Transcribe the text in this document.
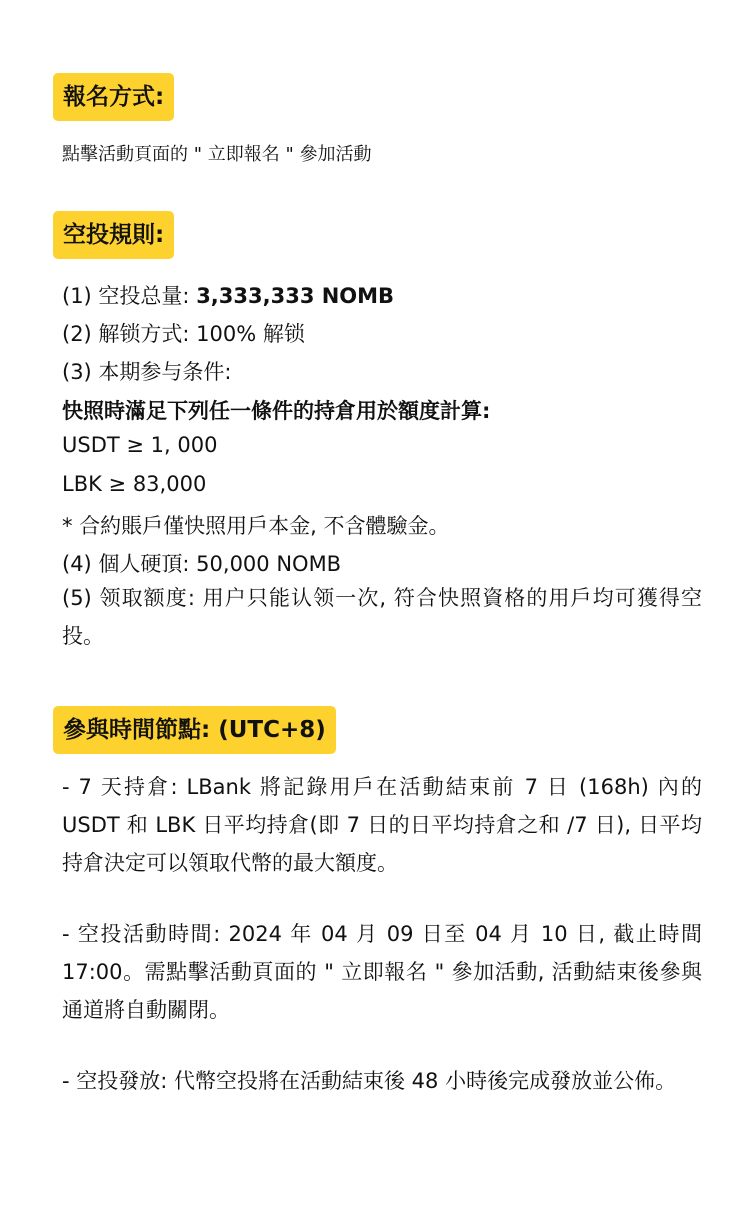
報名方式:
點擊活動頁面的 " 立即報名 " 參加活動
空投規則:
(1) 空投总量: 3,333,333 NOMB
(2) 解锁方式: 100% 解锁
(3) 本期参与条件:
快照時滿足下列任一條件的持倉用於額度計算:
USDT ≥ 1, 000
LBK ≥ 83,000
* 合約賬戶僅快照用戶本金, 不含體驗金。
(4) 個人硬頂: 50,000 NOMB
(5) 领取额度: 用户只能认领一次, 符合快照資格的用戶均可獲得空投。
參與時間節點: (UTC+8)
- 7 天持倉: LBank 將記錄用戶在活動結束前 7 日 (168h) 內的 USDT 和 LBK 日平均持倉(即 7 日的日平均持倉之和 /7 日), 日平均持倉決定可以領取代幣的最大額度。
- 空投活動時間: 2024 年 04 月 09 日至 04 月 10 日, 截止時間 17:00。需點擊活動頁面的 " 立即報名 " 參加活動, 活動結束後參與通道將自動關閉。
- 空投發放: 代幣空投將在活動結束後 48 小時後完成發放並公佈。
